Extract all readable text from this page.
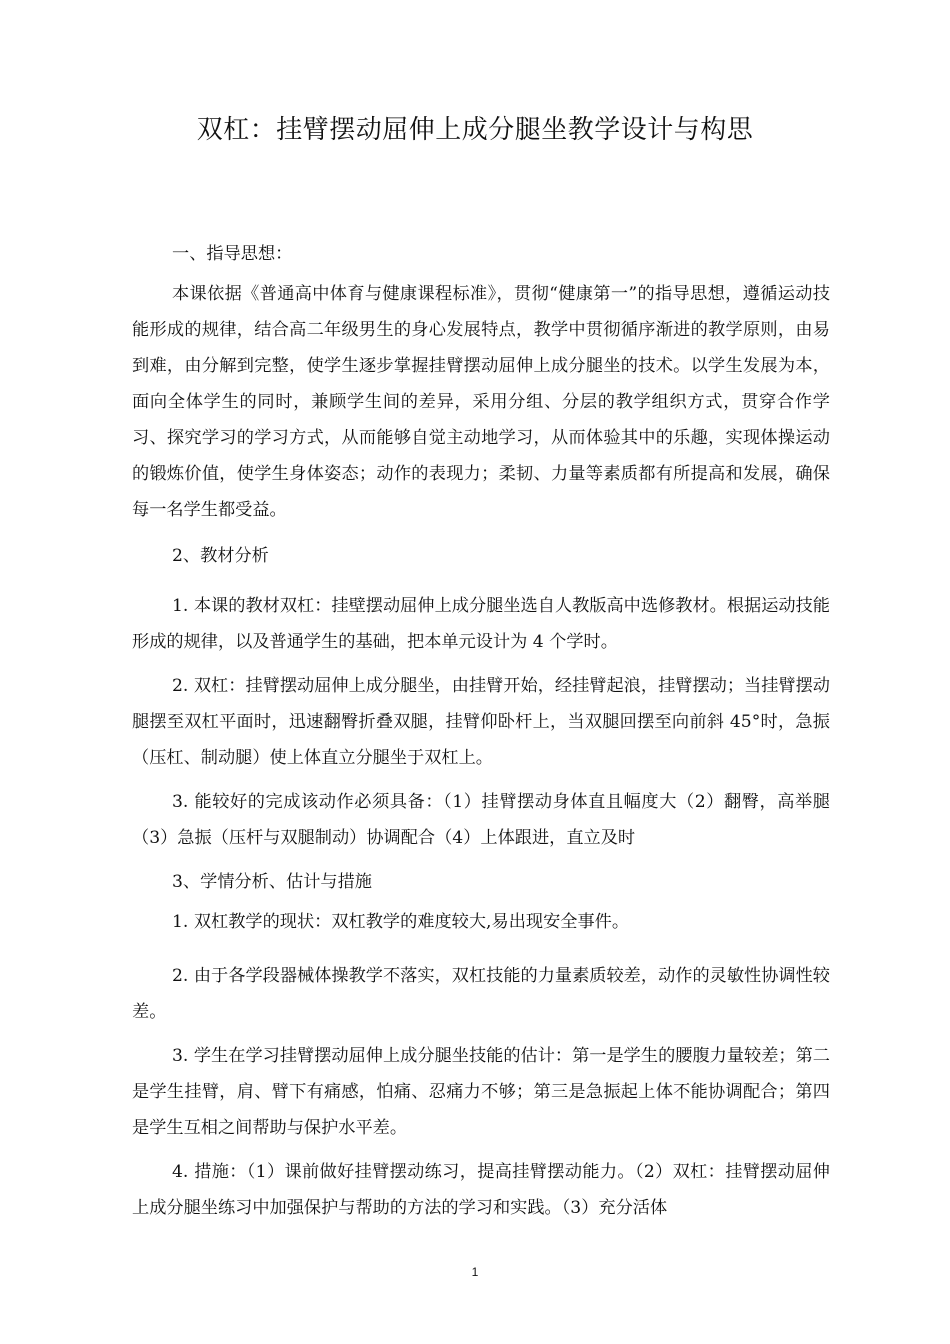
双杠：挂臂摆动屈伸上成分腿坐教学设计与构思
一、指导思想：

本课依据《普通高中体育与健康课程标准》，贯彻“健康第一”的指导思想，遵循运动技能形成的规律，结合高二年级男生的身心发展特点，教学中贯彻循序渐进的教学原则，由易到难，由分解到完整，使学生逐步掌握挂臂摆动屈伸上成分腿坐的技术。以学生发展为本，面向全体学生的同时，兼顾学生间的差异，采用分组、分层的教学组织方式，贯穿合作学习、探究学习的学习方式，从而能够自觉主动地学习，从而体验其中的乐趣，实现体操运动的锻炼价值，使学生身体姿态；动作的表现力；柔韧、力量等素质都有所提高和发展，确保每一名学生都受益。

2、教材分析

1. 本课的教材双杠：挂壁摆动屈伸上成分腿坐选自人教版高中选修教材。根据运动技能形成的规律，以及普通学生的基础，把本单元设计为 4 个学时。

2. 双杠：挂臂摆动屈伸上成分腿坐，由挂臂开始，经挂臂起浪，挂臂摆动；当挂臂摆动腿摆至双杠平面时，迅速翻臀折叠双腿，挂臂仰卧杆上，当双腿回摆至向前斜 45°时，急振（压杠、制动腿）使上体直立分腿坐于双杠上。

3. 能较好的完成该动作必须具备：（1）挂臂摆动身体直且幅度大（2）翻臀，高举腿（3）急振（压杆与双腿制动）协调配合（4）上体跟进，直立及时

3、学情分析、估计与措施

1. 双杠教学的现状：双杠教学的难度较大,易出现安全事件。

2. 由于各学段器械体操教学不落实，双杠技能的力量素质较差，动作的灵敏性协调性较差。

3. 学生在学习挂臂摆动屈伸上成分腿坐技能的估计：第一是学生的腰腹力量较差；第二是学生挂臂，肩、臂下有痛感，怕痛、忍痛力不够；第三是急振起上体不能协调配合；第四是学生互相之间帮助与保护水平差。

4. 措施：（1）课前做好挂臂摆动练习，提高挂臂摆动能力。（2）双杠：挂臂摆动屈伸上成分腿坐练习中加强保护与帮助的方法的学习和实践。（3）充分活体

1
